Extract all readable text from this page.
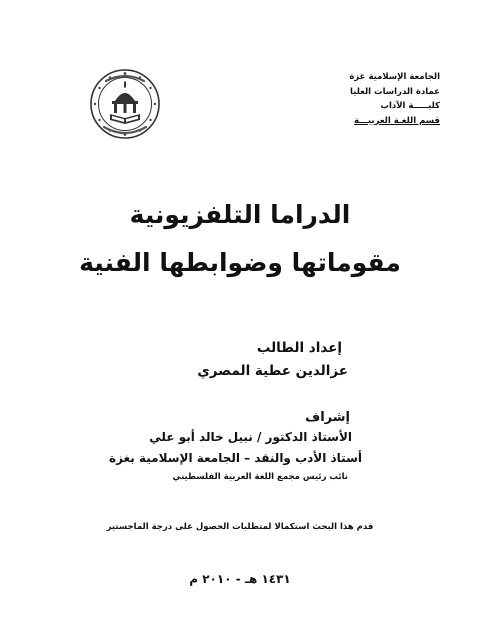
الجامعة الإسلامية غزة
عمادة الدراسات العليا
كليـــــة الآداب
قسم اللغـة العربيـــة
الدراما التلفزيونية
مقوماتها وضوابطها الفنية
إعداد الطالب
عزالدين عطية المصري
إشراف
الأستاذ الدكتور / نبيل خالد أبو علي
أستاذ الأدب والنقد – الجامعة الإسلامية بغزة
نائب رئيس مجمع اللغة العربية الفلسطيني
قدم هذا البحث استكمالا لمتطلبات الحصول على درجة الماجستير
١٤٣١ هـ - ٢٠١٠ م
